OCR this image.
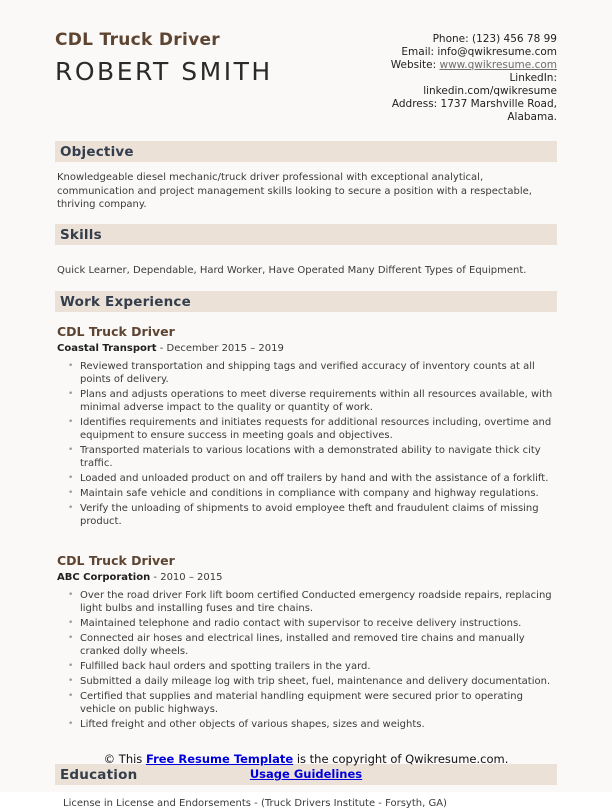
CDL Truck Driver
ROBERT SMITH
Phone: (123) 456 78 99
Email: info@qwikresume.com
Website: www.qwikresume.com
LinkedIn:
linkedin.com/qwikresume
Address: 1737 Marshville Road,
Alabama.
Objective
Knowledgeable diesel mechanic/truck driver professional with exceptional analytical, communication and project management skills looking to secure a position with a respectable, thriving company.
Skills
Quick Learner, Dependable, Hard Worker, Have Operated Many Different Types of Equipment.
Work Experience
CDL Truck Driver
Coastal Transport - December 2015 – 2019
• Reviewed transportation and shipping tags and verified accuracy of inventory counts at all points of delivery.
• Plans and adjusts operations to meet diverse requirements within all resources available, with minimal adverse impact to the quality or quantity of work.
• Identifies requirements and initiates requests for additional resources including, overtime and equipment to ensure success in meeting goals and objectives.
• Transported materials to various locations with a demonstrated ability to navigate thick city traffic.
• Loaded and unloaded product on and off trailers by hand and with the assistance of a forklift.
• Maintain safe vehicle and conditions in compliance with company and highway regulations.
• Verify the unloading of shipments to avoid employee theft and fraudulent claims of missing product.
CDL Truck Driver
ABC Corporation - 2010 – 2015
• Over the road driver Fork lift boom certified Conducted emergency roadside repairs, replacing light bulbs and installing fuses and tire chains.
• Maintained telephone and radio contact with supervisor to receive delivery instructions.
• Connected air hoses and electrical lines, installed and removed tire chains and manually cranked dolly wheels.
• Fulfilled back haul orders and spotting trailers in the yard.
• Submitted a daily mileage log with trip sheet, fuel, maintenance and delivery documentation.
• Certified that supplies and material handling equipment were secured prior to operating vehicle on public highways.
• Lifted freight and other objects of various shapes, sizes and weights.
Education
License in License and Endorsements - (Truck Drivers Institute - Forsyth, GA)
© This Free Resume Template is the copyright of Qwikresume.com. Usage Guidelines
